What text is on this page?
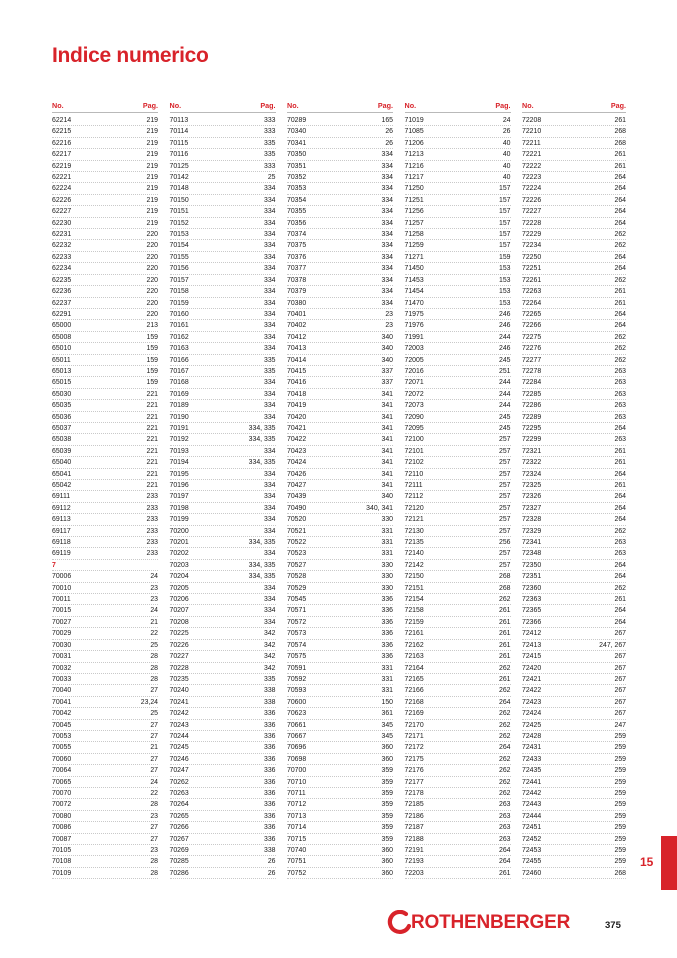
Indice numerico
No.	Pag.
62214	219
62215	219
62216	219
62217	219
62219	219
62221	219
62224	219
62226	219
62227	219
62230	219
62231	220
62232	220
62233	220
62234	220
62235	220
62236	220
62237	220
62291	220
65000	213
65008	159
65010	159
65011	159
65013	159
65015	159
65030	221
65035	221
65036	221
65037	221
65038	221
65039	221
65040	221
65041	221
65042	221
69111	233
69112	233
69113	233
69117	233
69118	233
69119	233
7
70006	24
70010	23
70011	23
70015	24
70027	21
70029	22
70030	25
70031	28
70032	28
70033	28
70040	27
70041	23,24
70042	25
70045	27
70053	27
70055	21
70060	27
70064	27
70065	24
70070	22
70072	28
70080	23
70086	27
70087	27
70105	23
70108	28
70109	28
No.	Pag.
70113	333
70114	333
70115	335
70116	335
70125	333
70142	25
70148	334
70150	334
70151	334
70152	334
70153	334
70154	334
70155	334
70156	334
70157	334
70158	334
70159	334
70160	334
70161	334
70162	334
70163	334
70166	335
70167	335
70168	334
70169	334
70189	334
70190	334
70191	334, 335
70192	334, 335
70193	334
70194	334, 335
70195	334
70196	334
70197	334
70198	334
70199	334
70200	334
70201	334, 335
70202	334
70203	334, 335
70204	334, 335
70205	334
70206	334
70207	334
70208	334
70225	342
70226	342
70227	342
70228	342
70235	335
70240	338
70241	338
70242	336
70243	336
70244	336
70245	336
70246	336
70247	336
70262	336
70263	336
70264	336
70265	336
70266	336
70267	336
70269	338
70285	26
70286	26
No.	Pag.
70289	165
70340	26
70341	26
70350	334
70351	334
70352	334
70353	334
70354	334
70355	334
70356	334
70374	334
70375	334
70376	334
70377	334
70378	334
70379	334
70380	334
70401	23
70402	23
70412	340
70413	340
70414	340
70415	337
70416	337
70418	341
70419	341
70420	341
70421	341
70422	341
70423	341
70424	341
70426	341
70427	341
70439	340
70490	340, 341
70520	330
70521	331
70522	331
70523	331
70527	330
70528	330
70529	330
70545	336
70571	336
70572	336
70573	336
70574	336
70575	336
70591	331
70592	331
70593	331
70600	150
70623	361
70661	345
70667	345
70696	360
70698	360
70700	359
70710	359
70711	359
70712	359
70713	359
70714	359
70715	359
70740	360
70751	360
70752	360
No.	Pag.
71019	24
71085	26
71206	40
71213	40
71216	40
71217	40
71250	157
71251	157
71256	157
71257	157
71258	157
71259	157
71271	159
71450	153
71453	153
71454	153
71470	153
71975	246
71976	246
71991	244
72003	246
72005	245
72016	251
72071	244
72072	244
72073	244
72090	245
72095	245
72100	257
72101	257
72102	257
72110	257
72111	257
72112	257
72120	257
72121	257
72130	257
72135	256
72140	257
72142	257
72150	268
72151	268
72154	262
72158	261
72159	261
72161	261
72162	261
72163	261
72164	262
72165	261
72166	262
72168	264
72169	262
72170	262
72171	262
72172	264
72175	262
72176	262
72177	262
72178	262
72185	263
72186	263
72187	263
72188	263
72191	264
72193	264
72203	261
No.	Pag.
72208	261
72210	268
72211	268
72221	261
72222	261
72223	264
72224	264
72226	264
72227	264
72228	264
72229	262
72234	262
72250	264
72251	264
72261	262
72263	261
72264	261
72265	264
72266	264
72275	262
72276	262
72277	262
72278	263
72284	263
72285	263
72286	263
72289	263
72295	264
72299	263
72321	261
72322	261
72324	264
72325	261
72326	264
72327	264
72328	264
72329	262
72341	263
72348	263
72350	264
72351	264
72360	262
72363	261
72365	264
72366	264
72412	267
72413	247, 267
72415	267
72420	267
72421	267
72422	267
72423	267
72424	267
72425	247
72428	259
72431	259
72433	259
72435	259
72441	259
72442	259
72443	259
72444	259
72451	259
72452	259
72453	259
72455	259
72460	268
15
ROTHENBERGER	375
